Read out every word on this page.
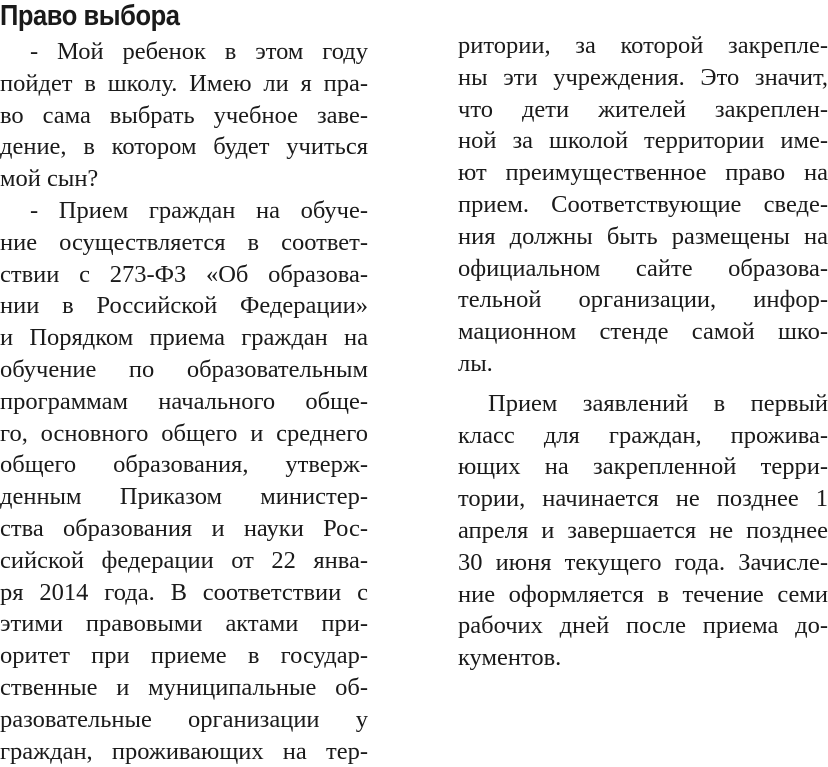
Право выбора
- Мой ребенок в этом году
пойдет в школу. Имею ли я пра-
во сама выбрать учебное заве-
дение, в котором будет учиться
мой сын?
- Прием граждан на обуче-
ние осуществляется в соответ-
ствии с 273-ФЗ «Об образова-
нии в Российской Федерации»
и Порядком приема граждан на
обучение по образовательным
программам начального обще-
го, основного общего и среднего
общего образования, утверж-
денным Приказом министер-
ства образования и науки Рос-
сийской федерации от 22 янва-
ря 2014 года. В соответствии с
этими правовыми актами при-
оритет при приеме в государ-
ственные и муниципальные об-
разовательные организации у
граждан, проживающих на тер-
ритории, за которой закрепле-
ны эти учреждения. Это значит,
что дети жителей закреплен-
ной за школой территории име-
ют преимущественное право на
прием. Соответствующие сведе-
ния должны быть размещены на
официальном сайте образова-
тельной организации, инфор-
мационном стенде самой шко-
лы.
Прием заявлений в первый
класс для граждан, прожива-
ющих на закрепленной терри-
тории, начинается не позднее 1
апреля и завершается не позднее
30 июня текущего года. Зачисле-
ние оформляется в течение семи
рабочих дней после приема до-
кументов.
